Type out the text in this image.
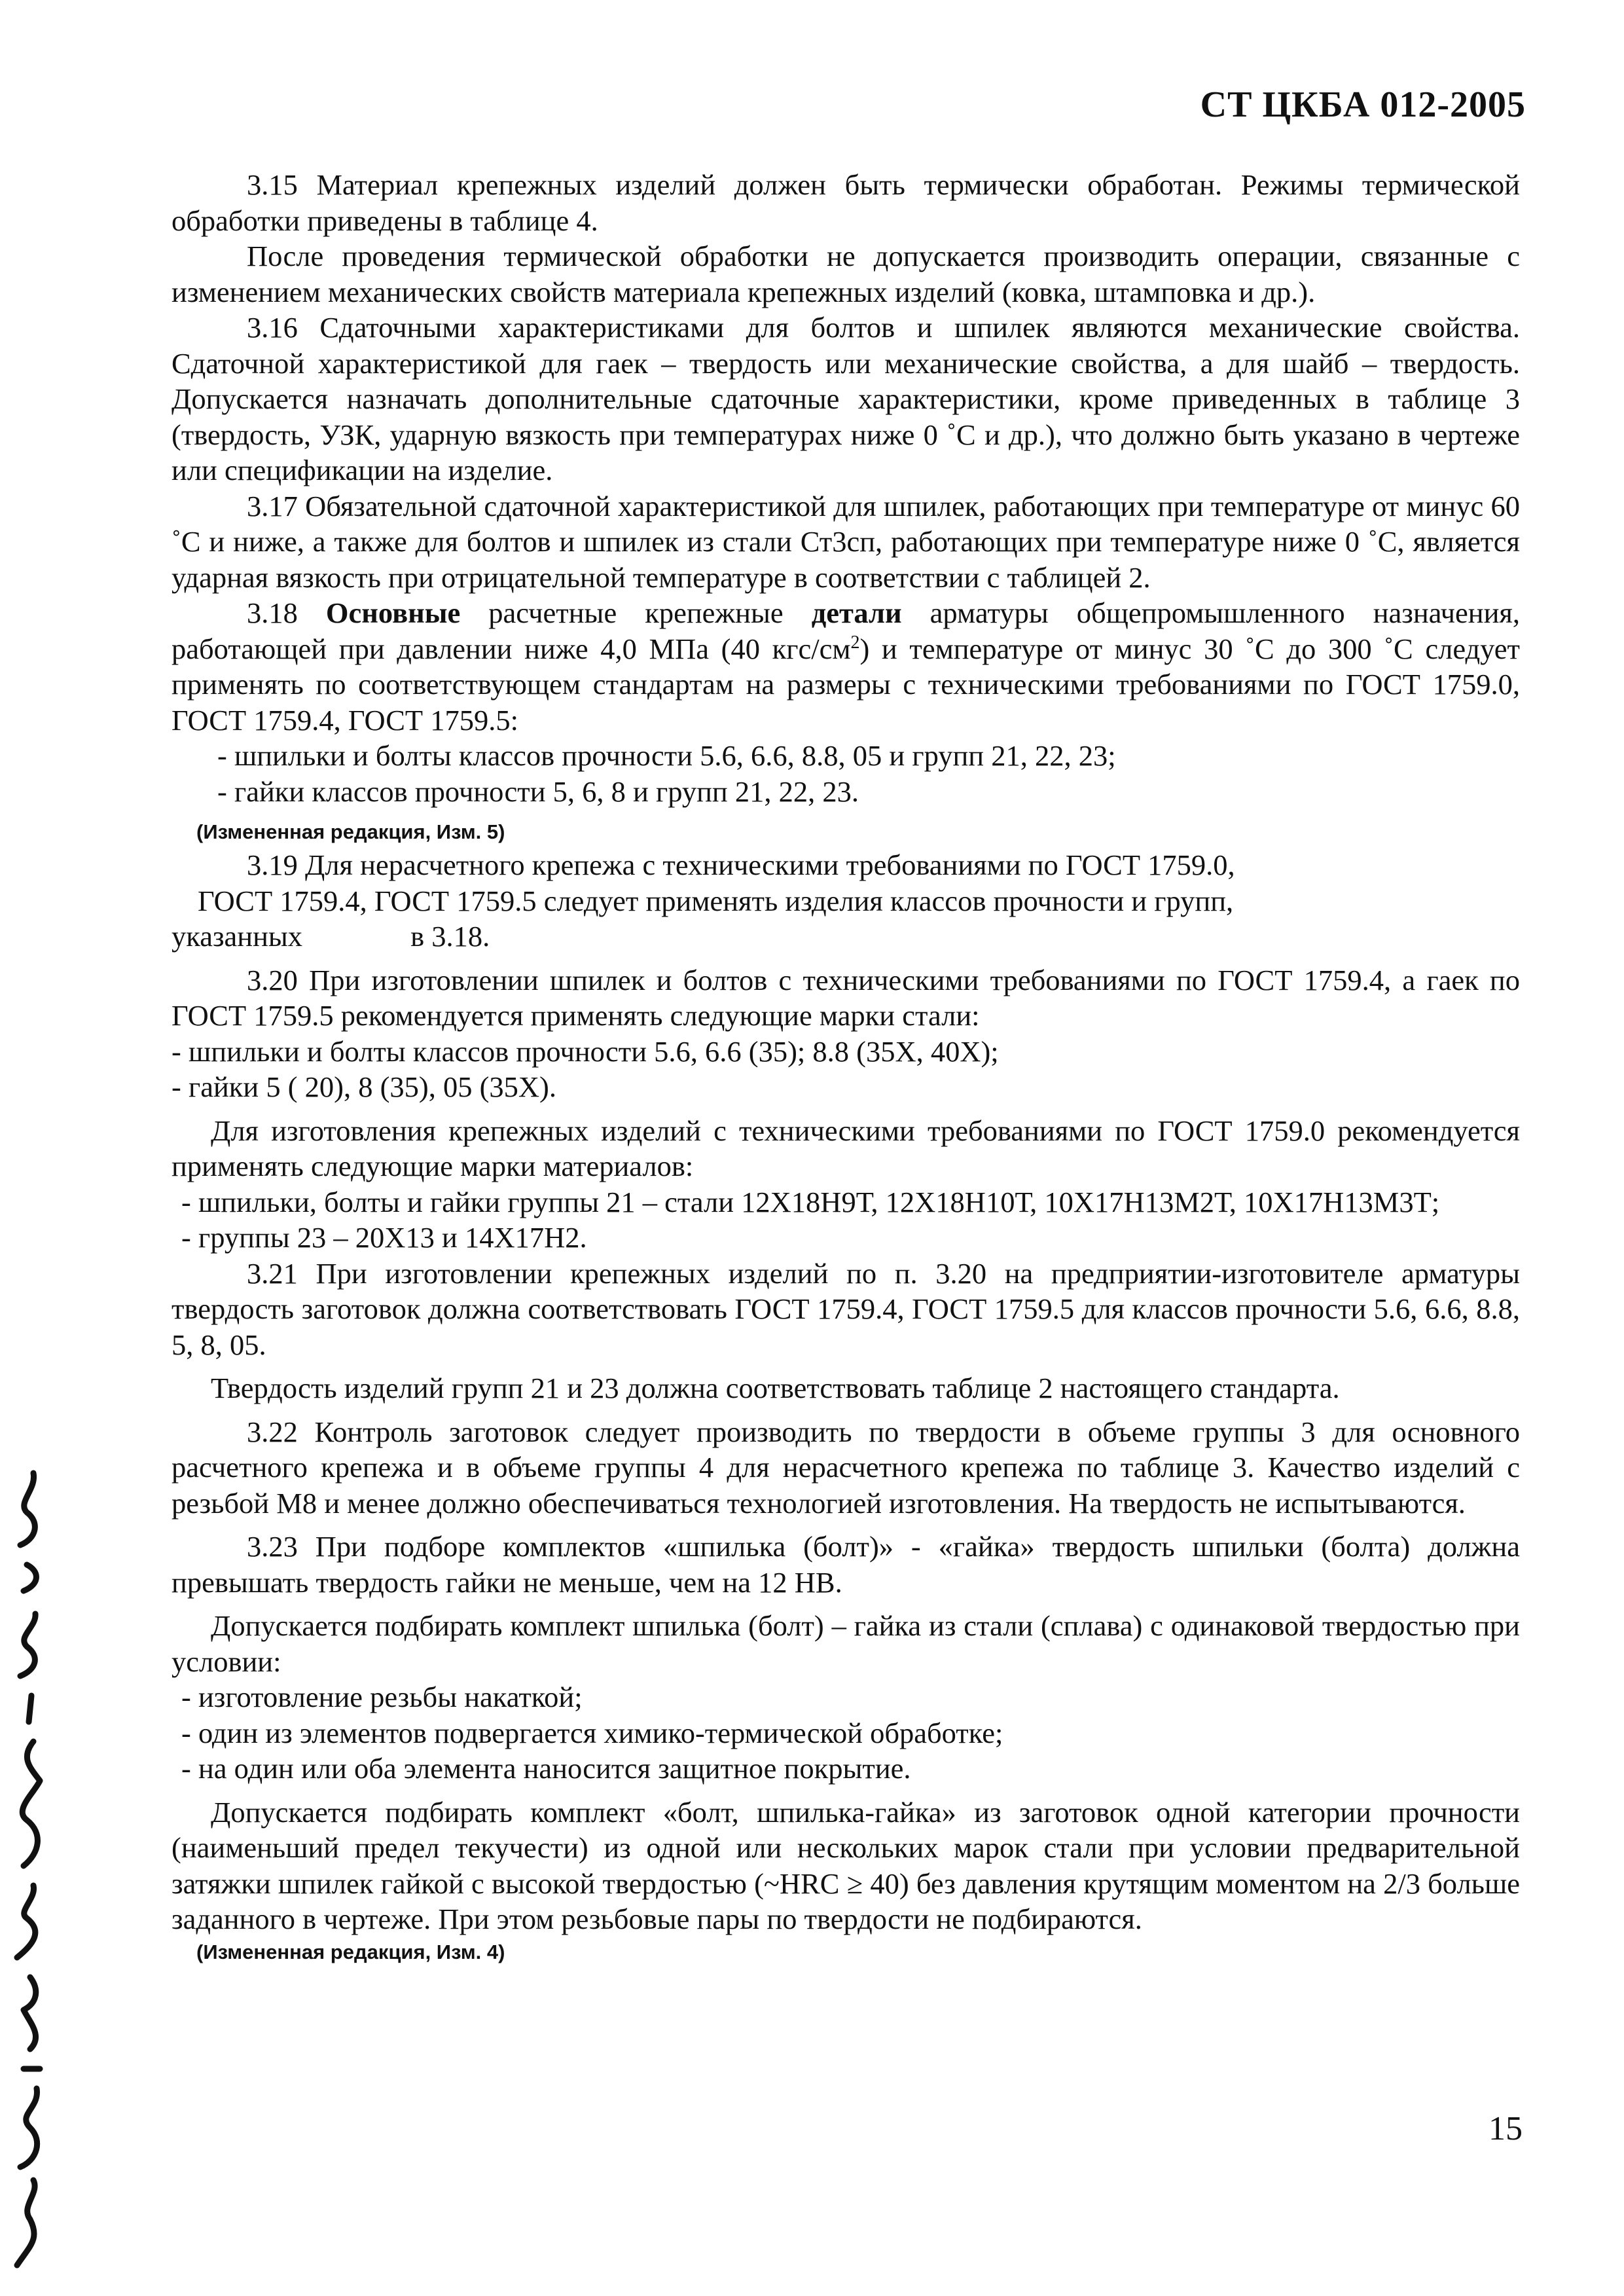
СТ ЦКБА 012-2005

3.15 Материал крепежных изделий должен быть термически обработан. Режимы термической обработки приведены в таблице 4.

После проведения термической обработки не допускается производить операции, связанные с изменением механических свойств материала крепежных изделий (ковка, штамповка и др.).

3.16 Сдаточными характеристиками для болтов и шпилек являются механические свойства. Сдаточной характеристикой для гаек – твердость или механические свойства, а для шайб – твердость. Допускается назначать дополнительные сдаточные характеристики, кроме приведенных в таблице 3 (твердость, УЗК, ударную вязкость при температурах ниже 0 ˚С и др.), что должно быть указано в чертеже или спецификации на изделие.

3.17 Обязательной сдаточной характеристикой для шпилек, работающих при температуре от минус 60 ˚С и ниже, а также для болтов и шпилек из стали Ст3сп, работающих при температуре ниже 0 ˚С, является ударная вязкость при отрицательной температуре в соответствии с таблицей 2.

3.18 Основные расчетные крепежные детали арматуры общепромышленного назначения, работающей при давлении ниже 4,0 МПа (40 кгс/$см^2$) и температуре от минус 30 ˚С до 300 ˚С следует применять по соответствующем стандартам на размеры с техническими требованиями по ГОСТ 1759.0, ГОСТ 1759.4, ГОСТ 1759.5:

- шпильки и болты классов прочности 5.6, 6.6, 8.8, 05 и групп 21, 22, 23;

- гайки классов прочности 5, 6, 8 и групп 21, 22, 23.

(Измененная редакция, Изм. 5)

3.19 Для нерасчетного крепежа с техническими требованиями по ГОСТ 1759.0,

ГОСТ 1759.4, ГОСТ 1759.5 следует применять изделия классов прочности и групп,

указанных	в 3.18.

3.20 При изготовлении шпилек и болтов с техническими требованиями по ГОСТ 1759.4, а гаек по ГОСТ 1759.5 рекомендуется применять следующие марки стали:

- шпильки и болты классов прочности 5.6, 6.6 (35); 8.8 (35Х, 40Х);

- гайки 5 ( 20), 8 (35), 05 (35Х).

Для изготовления крепежных изделий с техническими требованиями по ГОСТ 1759.0 рекомендуется применять следующие марки материалов:

- шпильки, болты и гайки группы 21 – стали 12Х18Н9Т, 12Х18Н10Т, 10Х17Н13М2Т, 10Х17Н13М3Т;

- группы 23 – 20Х13 и 14Х17Н2.

3.21 При изготовлении крепежных изделий по п. 3.20 на предприятии-изготовителе арматуры твердость заготовок должна соответствовать ГОСТ 1759.4, ГОСТ 1759.5 для классов прочности 5.6, 6.6, 8.8, 5, 8, 05.

Твердость изделий групп 21 и 23 должна соответствовать таблице 2 настоящего стандарта.

3.22 Контроль заготовок следует производить по твердости в объеме группы 3 для основного расчетного крепежа и в объеме группы 4 для нерасчетного крепежа по таблице 3. Качество изделий с резьбой М8 и менее должно обеспечиваться технологией изготовления. На твердость не испытываются.

3.23 При подборе комплектов «шпилька (болт)» - «гайка» твердость шпильки (болта) должна превышать твердость гайки не меньше, чем на 12 НВ.

Допускается подбирать комплект шпилька (болт) – гайка из стали (сплава) с одинаковой твердостью при условии:

- изготовление резьбы накаткой;

- один из элементов подвергается химико-термической обработке;

- на один или оба элемента наносится защитное покрытие.

Допускается подбирать комплект «болт, шпилька-гайка» из заготовок одной категории прочности (наименьший предел текучести) из одной или нескольких марок стали при условии предварительной затяжки шпилек гайкой с высокой твердостью (~HRC ≥ 40) без давления крутящим моментом на 2/3 больше заданного в чертеже. При этом резьбовые пары по твердости не подбираются.

(Измененная редакция, Изм. 4)

15
